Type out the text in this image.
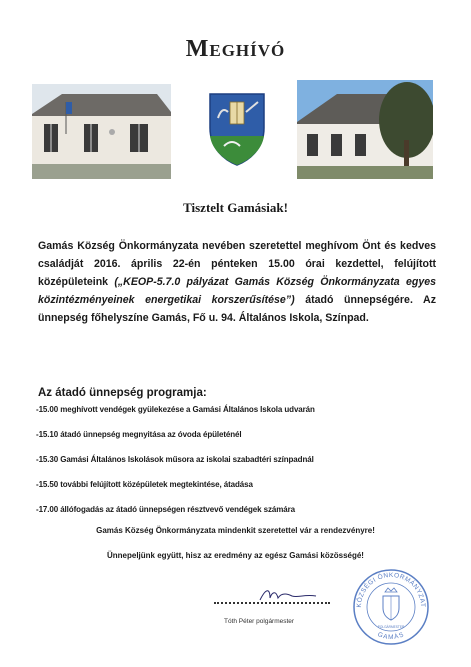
Meghívó
Tisztelt Gamásiak!
Gamás Község Önkormányzata nevében szeretettel meghívom Önt és kedves családját 2016. április 22-én pénteken 15.00 órai kezdettel, felújított középületeink („KEOP-5.7.0 pályázat Gamás Község Önkormányzata egyes közintézményeinek energetikai korszerűsítése”) átadó ünnepségére. Az ünnepség főhelyszíne Gamás, Fő u. 94. Általános Iskola, Színpad.
Az átadó ünnepség programja:
-15.00 meghívott vendégek gyülekezése a Gamási Általános Iskola udvarán
-15.10 átadó ünnepség megnyitása az óvoda épületénél
-15.30 Gamási Általános Iskolások műsora az iskolai szabadtéri színpadnál
-15.50 további felújított középületek megtekintése, átadása
-17.00 állófogadás az átadó ünnepségen résztvevő vendégek számára
Gamás Község Önkormányzata mindenkit szeretettel vár a rendezvényre!
Ünnepeljünk együtt, hisz az eredmény az egész Gamási közösségé!
Tóth Péter polgármester
KÖZSÉGI ÖNKORMÁNYZAT
GAMÁS
POLGÁRMESTER
